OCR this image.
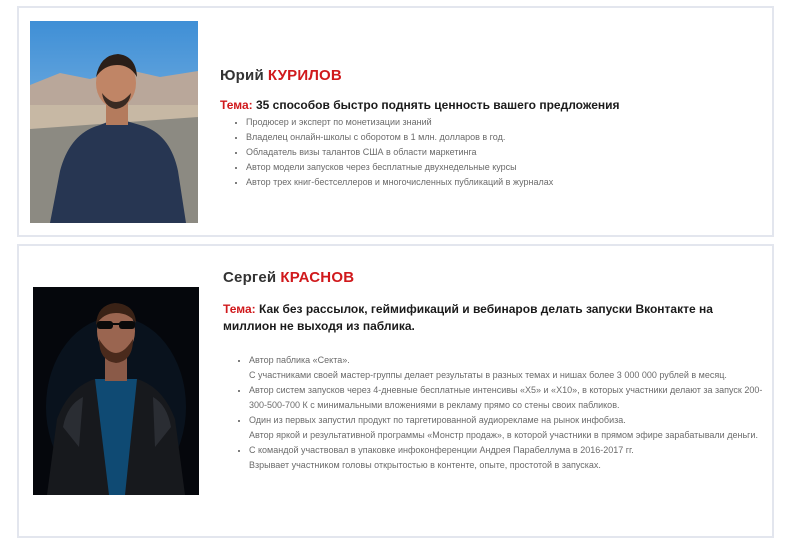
Юрий КУРИЛОВ

Тема: 35 способов быстро поднять ценность вашего предложения

• Продюсер и эксперт по монетизации знаний
• Владелец онлайн-школы с оборотом в 1 млн. долларов в год.
• Обладатель визы талантов США в области маркетинга
• Автор модели запусков через бесплатные двухнедельные курсы
• Автор трех книг-бестселлеров и многочисленных публикаций в журналах

Сергей КРАСНОВ

Тема: Как без рассылок, геймификаций и вебинаров делать запуски Вконтакте на миллион не выходя из паблика.

• Автор паблика «Секта».
С участниками своей мастер-группы делает результаты в разных темах и нишах более 3 000 000 рублей в месяц.
• Автор систем запусков через 4-дневные бесплатные интенсивы «Х5» и «Х10», в которых участники делают за запуск 200-300-500-700 К с минимальными вложениями в рекламу прямо со стены своих пабликов.
• Один из первых запустил продукт по таргетированной аудиорекламе на рынок инфобиза.
Автор яркой и результативной программы «Монстр продаж», в которой участники в прямом эфире зарабатывали деньги.
• С командой участвовал в упаковке инфоконференции Андрея Парабеллума в 2016-2017 гг.
Взрывает участником головы открытостью в контенте, опыте, простотой в запусках.
